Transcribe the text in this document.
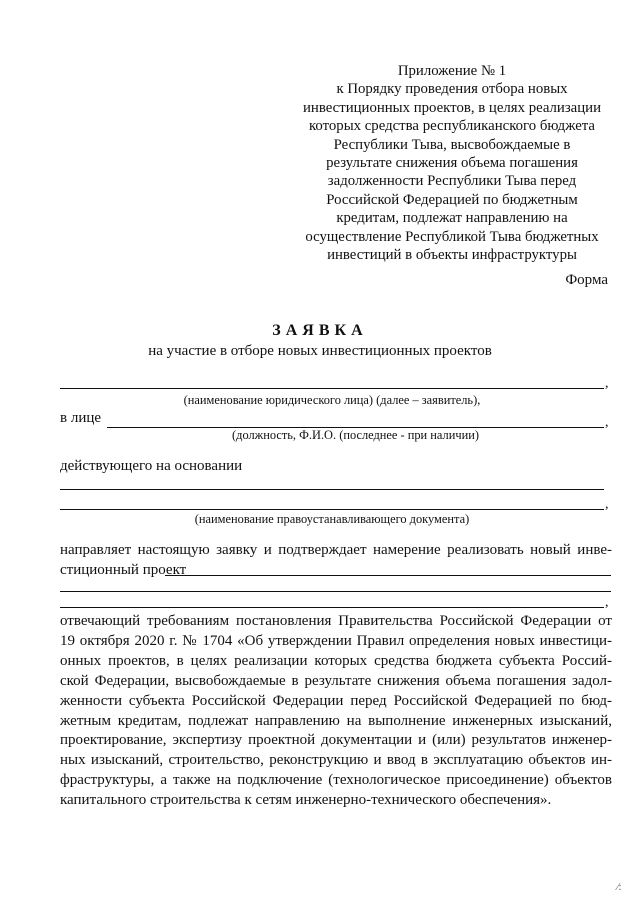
Приложение № 1
к Порядку проведения отбора новых
инвестиционных проектов, в целях реализации
которых средства республиканского бюджета
Республики Тыва, высвобождаемые в
результате снижения объема погашения
задолженности Республики Тыва перед
Российской Федерацией по бюджетным
кредитам, подлежат направлению на
осуществление Республикой Тыва бюджетных
инвестиций в объекты инфраструктуры
Форма
ЗАЯВКА
на участие в отборе новых инвестиционных проектов
,
(наименование юридического лица) (далее – заявитель),
в лице	,
(должность, Ф.И.О. (последнее - при наличии)
действующего на основании
,
(наименование правоустанавливающего документа)
направляет настоящую заявку и подтверждает намерение реализовать новый инве-
стиционный проект
,
отвечающий требованиям постановления Правительства Российской Федерации от
19 октября 2020 г. № 1704 «Об утверждении Правил определения новых инвестици-
онных проектов, в целях реализации которых средства бюджета субъекта Россий-
ской Федерации, высвобождаемые в результате снижения объема погашения задол-
женности субъекта Российской Федерации перед Российской Федерацией по бюд-
жетным кредитам, подлежат направлению на выполнение инженерных изысканий,
проектирование, экспертизу проектной документации и (или) результатов инженер-
ных изысканий, строительство, реконструкцию и ввод в эксплуатацию объектов ин-
фраструктуры, а также на подключение (технологическое присоединение) объектов
капитального строительства к сетям инженерно-технического обеспечения».
⁄:
